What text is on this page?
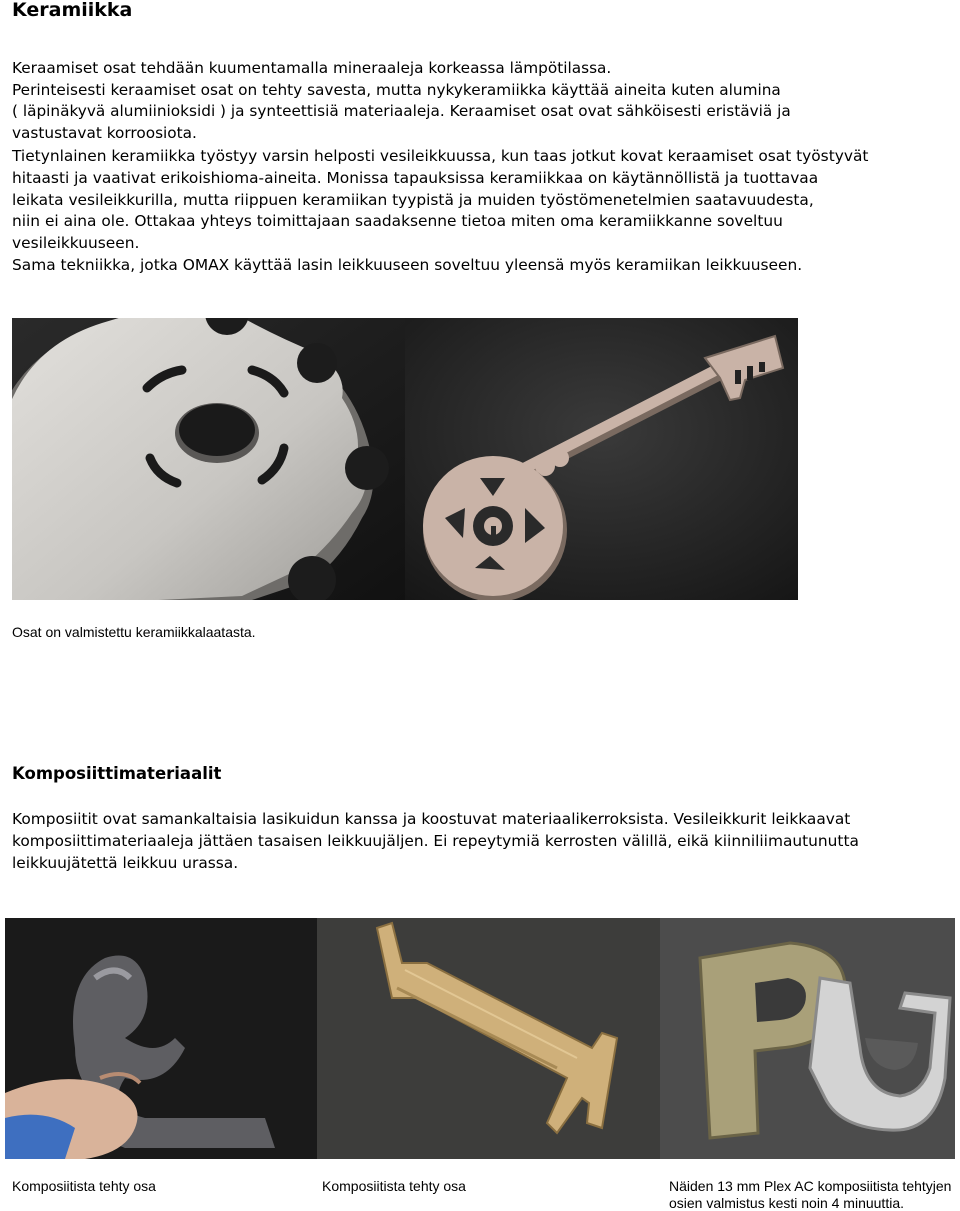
Keramiikka
Keraamiset osat tehdään kuumentamalla mineraaleja korkeassa lämpötilassa.
Perinteisesti keraamiset osat on tehty savesta, mutta nykykeramiikka käyttää aineita kuten alumina
( läpinäkyvä alumiinioksidi ) ja synteettisiä materiaaleja. Keraamiset osat ovat sähköisesti eristäviä ja
vastustavat korroosiota.
Tietynlainen keramiikka työstyy varsin helposti vesileikkuussa, kun taas jotkut kovat keraamiset osat työstyvät
hitaasti ja vaativat erikoishioma-aineita. Monissa tapauksissa keramiikkaa on käytännöllistä ja tuottavaa
leikata vesileikkurilla, mutta riippuen keramiikan tyypistä ja muiden työstömenetelmien saatavuudesta,
niin ei aina ole. Ottakaa yhteys toimittajaan saadaksenne tietoa miten oma keramiikkanne soveltuu
vesileikkuuseen.
Sama tekniikka, jotka OMAX käyttää lasin leikkuuseen soveltuu yleensä myös keramiikan leikkuuseen.
Osat on valmistettu keramiikkalaatasta.
Komposiittimateriaalit
Komposiitit ovat samankaltaisia lasikuidun kanssa ja koostuvat materiaalikerroksista. Vesileikkurit leikkaavat
komposiittimateriaaleja jättäen tasaisen leikkuujäljen. Ei repeytymiä kerrosten välillä, eikä kiinniliimautunutta
leikkuujätettä leikkuu urassa.
Komposiitista tehty osa	Komposiitista tehty osa	Näiden 13 mm Plex AC komposiitista tehtyjen
osien valmistus kesti noin 4 minuuttia.
